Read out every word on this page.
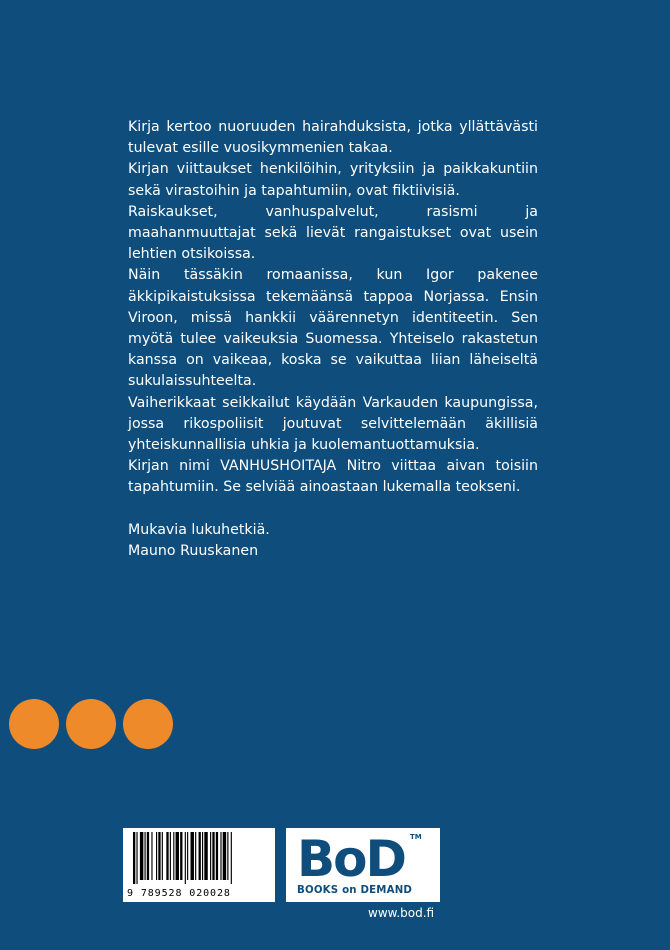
Kirja kertoo nuoruuden hairahduksista, jotka yllättävästi tulevat esille vuosikymmenien takaa.

Kirjan viittaukset henkilöihin, yrityksiin ja paikkakuntiin sekä virastoihin ja tapahtumiin, ovat fiktiivisiä.

Raiskaukset, vanhuspalvelut, rasismi ja maahanmuuttajat sekä lievät rangaistukset ovat usein lehtien otsikoissa.

Näin tässäkin romaanissa, kun Igor pakenee äkkipikaistuksissa tekemäänsä tappoa Norjassa. Ensin Viroon, missä hankkii väärennetyn identiteetin. Sen myötä tulee vaikeuksia Suomessa. Yhteiselo rakastetun kanssa on vaikeaa, koska se vaikuttaa liian läheiseltä sukulaissuhteelta.

Vaiherikkaat seikkailut käydään Varkauden kaupungissa, jossa rikospoliisit joutuvat selvittelemään äkillisiä yhteiskunnallisia uhkia ja kuolemantuottamuksia.

Kirjan nimi VANHUSHOITAJA Nitro viittaa aivan toisiin tapahtumiin. Se selviää ainoastaan lukemalla teokseni.

Mukavia lukuhetkiä.

Mauno Ruuskanen

9 789528 020028
BoD TM
BOOKS on DEMAND
www.bod.fi
